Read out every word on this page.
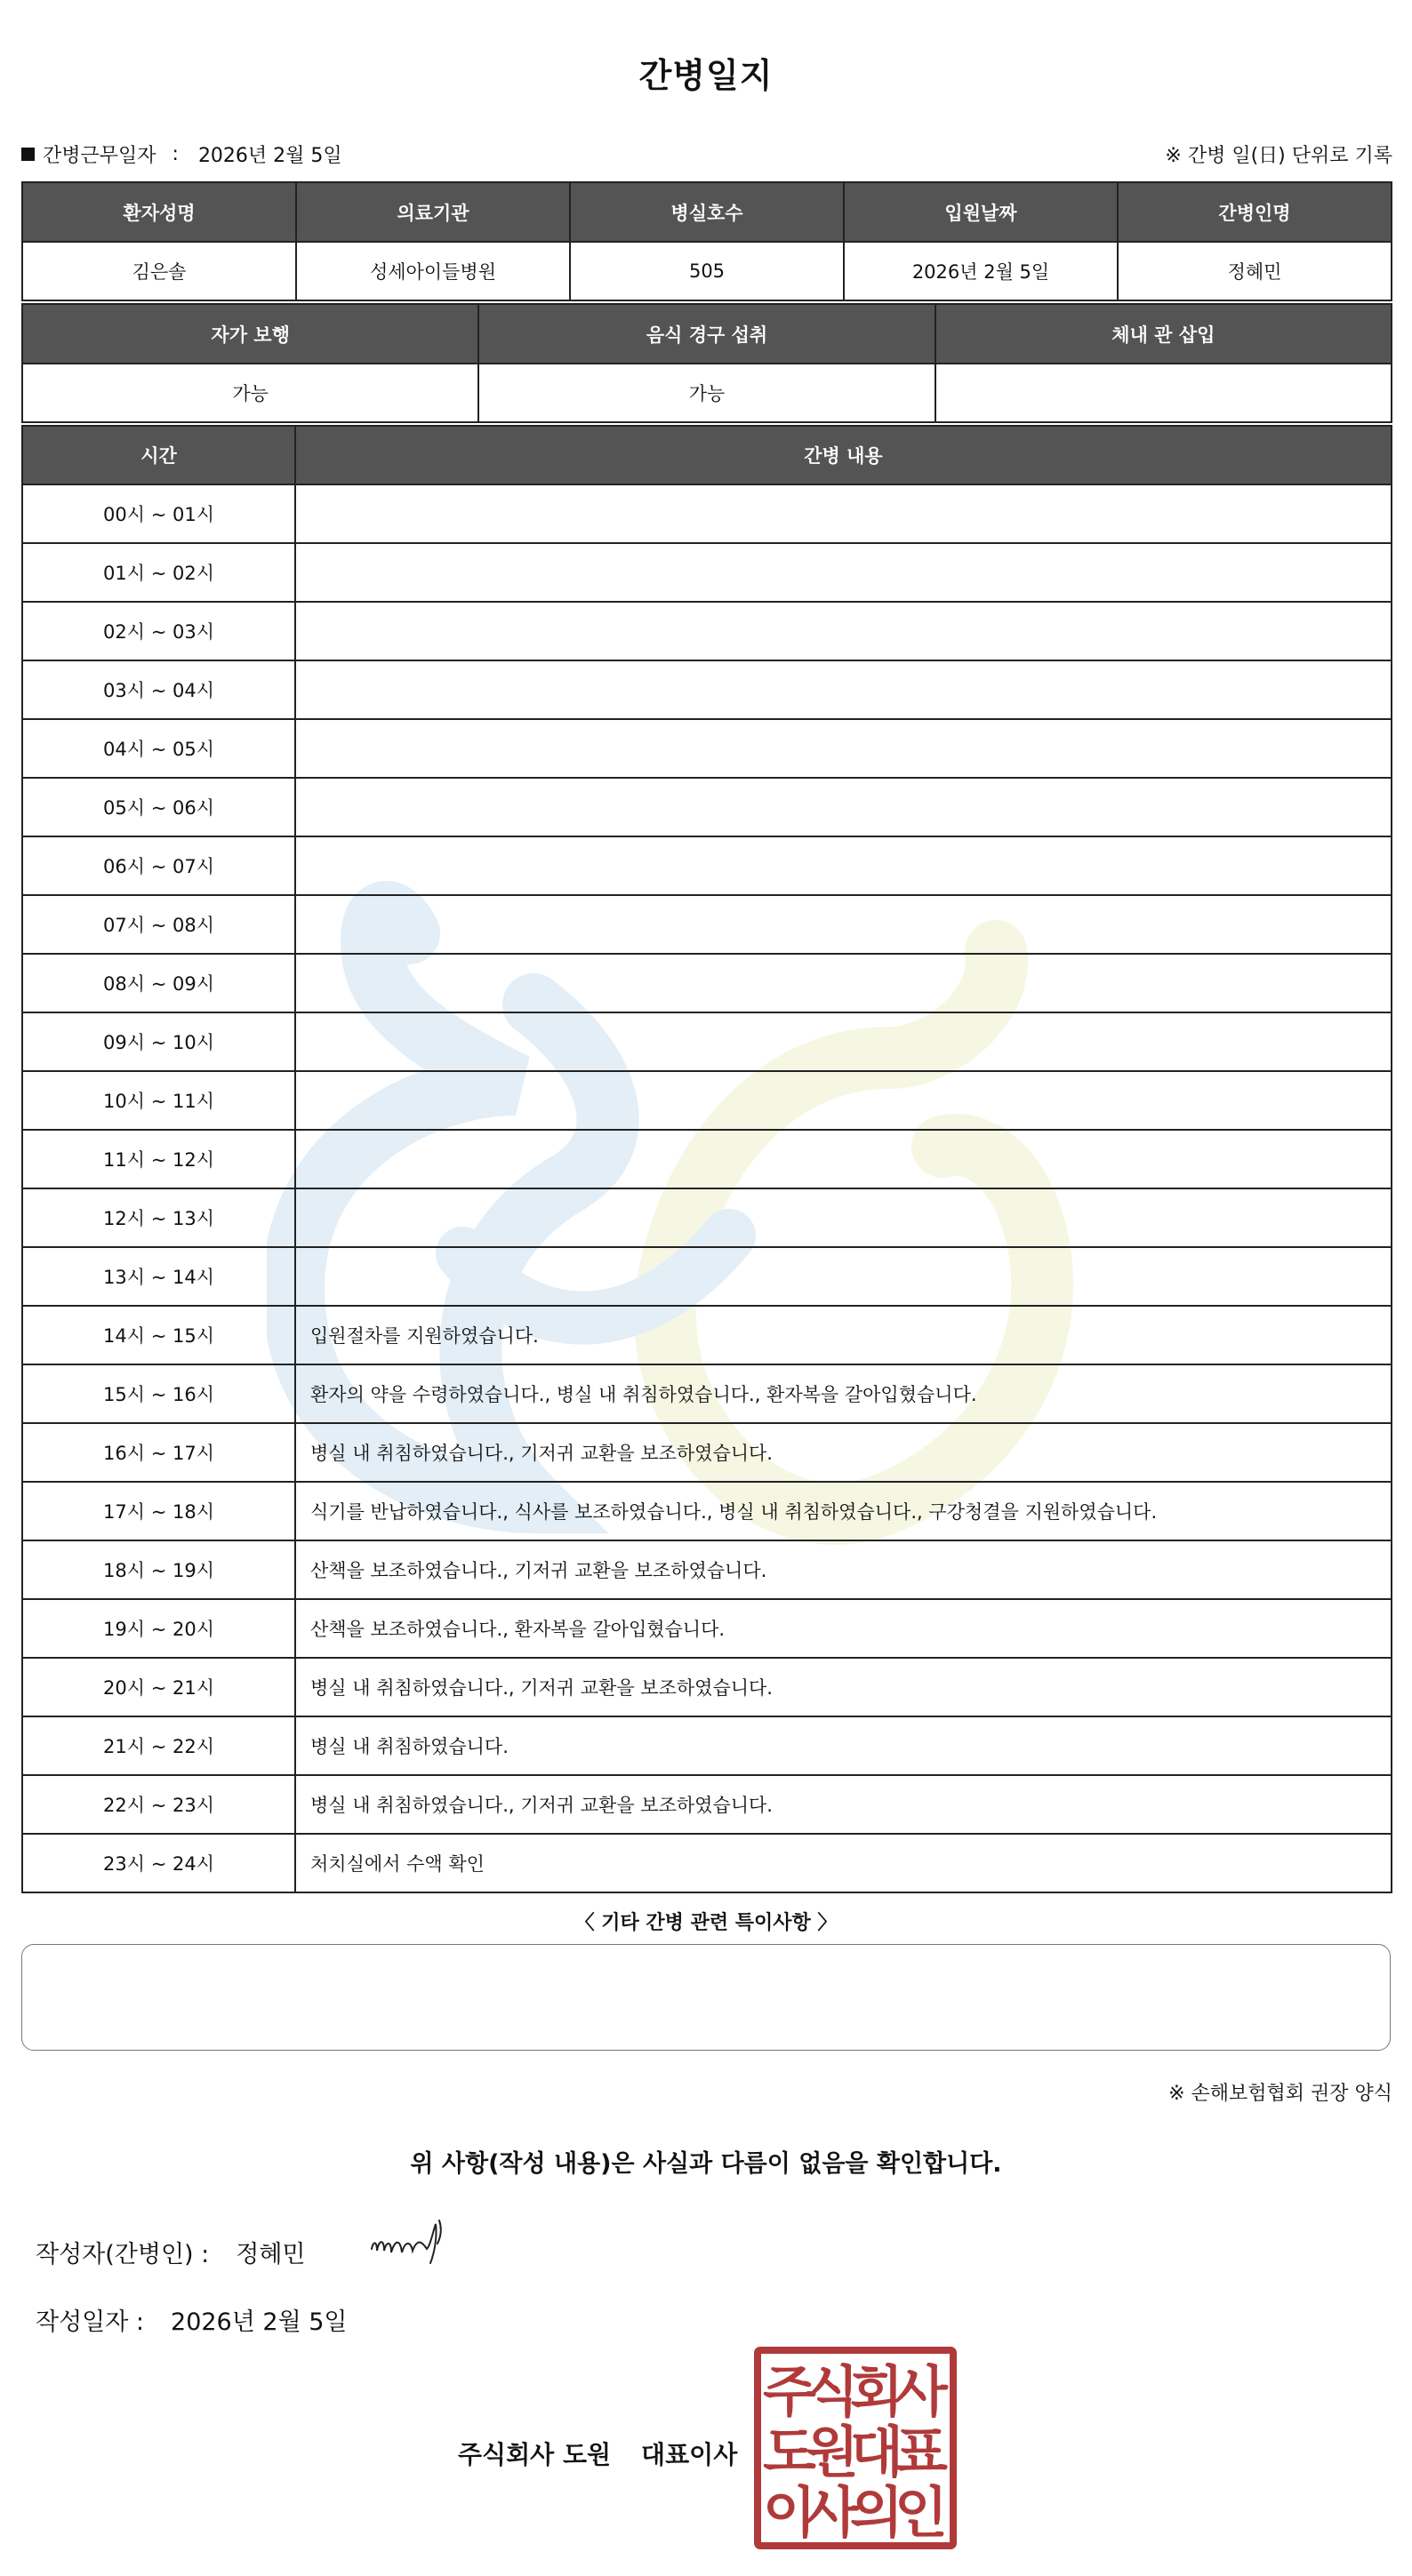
간병일지
간병근무일자 : 2026년 2월 5일	※ 간병 일(日) 단위로 기록
환자성명	의료기관	병실호수	입원날짜	간병인명
김은솔	성세아이들병원	505	2026년 2월 5일	정혜민
자가 보행	음식 경구 섭취	체내 관 삽입
가능	가능	
시간	간병 내용
00시 ~ 01시	
01시 ~ 02시	
02시 ~ 03시	
03시 ~ 04시	
04시 ~ 05시	
05시 ~ 06시	
06시 ~ 07시	
07시 ~ 08시	
08시 ~ 09시	
09시 ~ 10시	
10시 ~ 11시	
11시 ~ 12시	
12시 ~ 13시	
13시 ~ 14시	
14시 ~ 15시	입원절차를 지원하였습니다.
15시 ~ 16시	환자의 약을 수령하였습니다., 병실 내 취침하였습니다., 환자복을 갈아입혔습니다.
16시 ~ 17시	병실 내 취침하였습니다., 기저귀 교환을 보조하였습니다.
17시 ~ 18시	식기를 반납하였습니다., 식사를 보조하였습니다., 병실 내 취침하였습니다., 구강청결을 지원하였습니다.
18시 ~ 19시	산책을 보조하였습니다., 기저귀 교환을 보조하였습니다.
19시 ~ 20시	산책을 보조하였습니다., 환자복을 갈아입혔습니다.
20시 ~ 21시	병실 내 취침하였습니다., 기저귀 교환을 보조하였습니다.
21시 ~ 22시	병실 내 취침하였습니다.
22시 ~ 23시	병실 내 취침하였습니다., 기저귀 교환을 보조하였습니다.
23시 ~ 24시	처치실에서 수액 확인
〈 기타 간병 관련 특이사항 〉
※ 손해보험협회 권장 양식
위 사항(작성 내용)은 사실과 다름이 없음을 확인합니다.
작성자(간병인) : 정혜민
작성일자 : 2026년 2월 5일
주식회사 도원 대표이사
주
식
회
사
도
원
대
표
이
사
의
인
